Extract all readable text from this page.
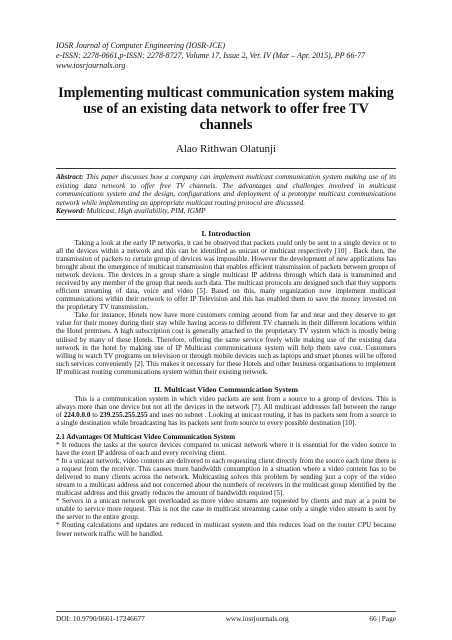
IOSR Journal of Computer Engineering (IOSR-JCE)
e-ISSN: 2278-0661,p-ISSN: 2278-8727, Volume 17, Issue 2, Ver. IV (Mar – Apr. 2015), PP 66-77
www.iosrjournals.org
Implementing multicast communication system making use of an existing data network to offer free TV channels
Alao Rithwan Olatunji
Abstract: This paper discusses how a company can implement multicast communication system making use of its existing data network to offer free TV channels. The advantages and challenges involved in multicast communications system and the design, configurations and deployment of a prototype multicast communications network while implementing an appropriate multicast routing protocol are discussed.
Keyword: Multicast, High availability, PIM, IGMP
I. Introduction

Taking a look at the early IP networks, it can be observed that packets could only be sent to a single device or to all the devices within a network and this can be identified as unicast or multicast respectively [10] . Back then, the transmission of packets to certain group of devices was impossible. However the development of new applications has brought about the emergence of multicast transmission that enables efficient transmission of packets between groups of network devices. The devices in a group share a single multicast IP address through which data is transmitted and received by any member of the group that needs such data. The multicast protocols are designed such that they supports efficient streaming of data, voice and video [5]. Based on this, many organization now implement multicast communications within their network to offer IP Television and this has enabled them to save the money invested on the proprietary TV transmission.

Take for instance, Hotels now have more customers coming around from far and near and they deserve to get value for their money during their stay while having access to different TV channels in their different locations within the Hotel premises. A high subscription cost is generally attached to the proprietary TV system which is mostly being utilised by many of these Hotels. Therefore, offering the same service freely while making use of the existing data network in the hotel by making use of IP Multicast communications system will help them save cost. Customers willing to watch TV programs on television or through mobile devices such as laptops and smart phones will be offered such services conveniently [2]. This makes it necessary for these Hotels and other business organisations to implement IP multicast routing communications system within their existing network.

II. Multicast Video Communication System

This is a communication system in which video packets are sent from a source to a group of devices. This is always more than one device but not all the devices in the network [7]. All multicast addresses fall between the range of 224.0.0.0 to 239.255.255.255 and uses no subnet . Looking at unicast routing, it has its packets sent from a source to a single destination while broadcasting has its packets sent from source to every possible destination [10].

2.1 Advantages Of Multicast Video Communication System

* It reduces the tasks at the source devices compared to unicast network where it is essential for the video source to have the exert IP address of each and every receiving client.

* In a unicast network, video contents are delivered to each requesting client directly from the source each time there is a request from the receiver. This causes more bandwidth consumption in a situation where a video content has to be delivered to many clients across the network. Multicasting solves this problem by sending just a copy of the video stream to a multicast address and not concerned about the numbers of receivers in the multicast group identified by the multicast address and this greatly reduces the amount of bandwidth required [5].

* Servers in a unicast network get overloaded as more video streams are requested by clients and may at a point be unable to service more request. This is not the case in multicast streaming cause only a single video stream is sent by the server to the entire group.

* Routing calculations and updates are reduced in multicast system and this reduces load on the router CPU because fewer network traffic will be handled.

DOI: 10.9790/0661-17246677	www.iosrjournals.org	66 | Page
